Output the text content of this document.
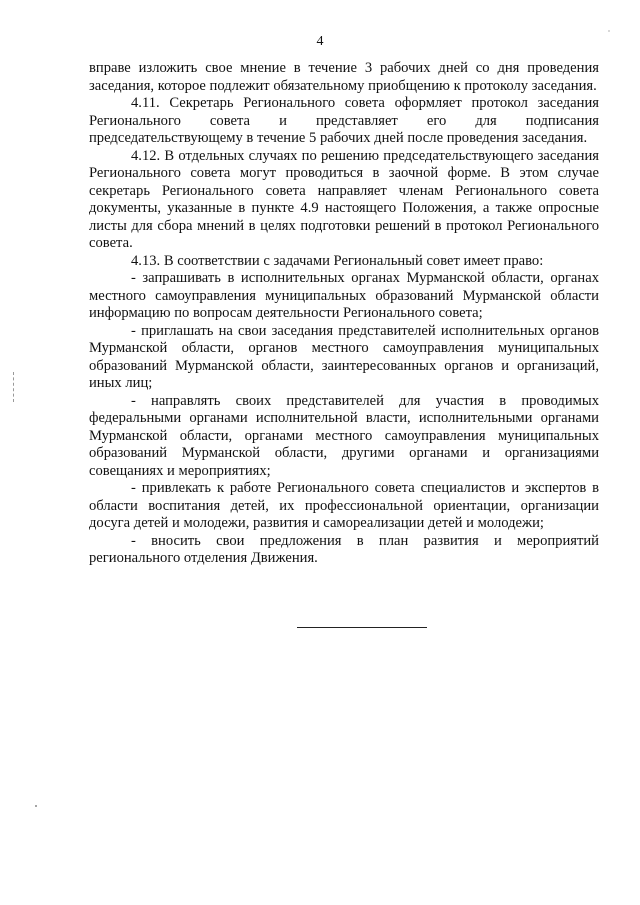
4

вправе изложить свое мнение в течение 3 рабочих дней со дня проведения заседания, которое подлежит обязательному приобщению к протоколу заседания.

4.11. Секретарь Регионального совета оформляет протокол заседания Регионального совета и представляет его для подписания председательствующему в течение 5 рабочих дней после проведения заседания.

4.12. В отдельных случаях по решению председательствующего заседания Регионального совета могут проводиться в заочной форме. В этом случае секретарь Регионального совета направляет членам Регионального совета документы, указанные в пункте 4.9 настоящего Положения, а также опросные листы для сбора мнений в целях подготовки решений в протокол Регионального совета.

4.13. В соответствии с задачами Региональный совет имеет право:

- запрашивать в исполнительных органах Мурманской области, органах местного самоуправления муниципальных образований Мурманской области информацию по вопросам деятельности Регионального совета;

- приглашать на свои заседания представителей исполнительных органов Мурманской области, органов местного самоуправления муниципальных образований Мурманской области, заинтересованных органов и организаций, иных лиц;

- направлять своих представителей для участия в проводимых федеральными органами исполнительной власти, исполнительными органами Мурманской области, органами местного самоуправления муниципальных образований Мурманской области, другими органами и организациями совещаниях и мероприятиях;

- привлекать к работе Регионального совета специалистов и экспертов в области воспитания детей, их профессиональной ориентации, организации досуга детей и молодежи, развития и самореализации детей и молодежи;

- вносить свои предложения в план развития и мероприятий регионального отделения Движения.
